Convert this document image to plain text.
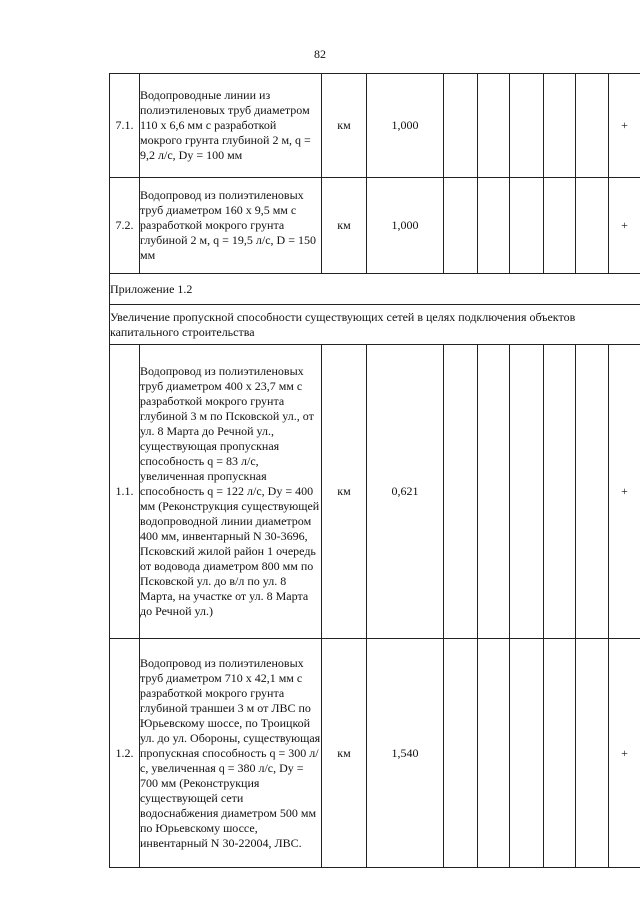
82
7.1.	Водопроводные линии из полиэтиленовых труб диаметром 110 х 6,6 мм с разработкой мокрого грунта глубиной 2 м, q = 9,2 л/с, Dy = 100 мм	км	1,000						+
7.2.	Водопровод из полиэтиленовых труб диаметром 160 х 9,5 мм с разработкой мокрого грунта глубиной 2 м, q = 19,5 л/с, D = 150 мм	км	1,000						+
Приложение 1.2									
Увеличение пропускной способности существующих сетей в целях подключения объектов капитального строительства									
1.1.	Водопровод из полиэтиленовых труб диаметром 400 х 23,7 мм с разработкой мокрого грунта глубиной 3 м по Псковской ул., от ул. 8 Марта до Речной ул., существующая пропускная способность q = 83 л/с, увеличенная пропускная способность q = 122 л/с, Dy = 400 мм (Реконструкция существующей водопроводной линии диаметром 400 мм, инвентарный N 30-3696, Псковский жилой район 1 очередь от водовода диаметром 800 мм по Псковской ул. до в/л по ул. 8 Марта, на участке от ул. 8 Марта до Речной ул.)	км	0,621						+
1.2.	Водопровод из полиэтиленовых труб диаметром 710 х 42,1 мм с разработкой мокрого грунта глубиной траншеи 3 м от ЛВС по Юрьевскому шоссе, по Троицкой ул. до ул. Обороны, существующая пропускная способность q = 300 л/с, увеличенная q = 380 л/с, Dy = 700 мм (Реконструкция существующей сети водоснабжения диаметром 500 мм по Юрьевскому шоссе, инвентарный N 30-22004, ЛВС.	км	1,540						+
